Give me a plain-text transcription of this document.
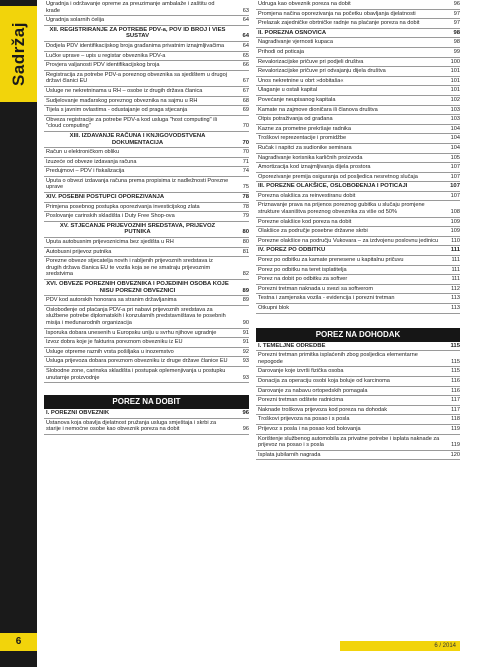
Sadržaj
6
Ugradnja i održavanje opreme za preuzimanje ambalaže i zaštitu od krađe	63
Ugradnja solarnih ćelija	64
XII. REGISTRIRANJE ZA POTREBE PDV-a, POV ID BROJ I VIES SUSTAV	64
Dodjela PDV identifikacijskog broja građanima privatnim iznajmljivačima	64
Lučke uprave – upis u registar obveznika PDV-a	65
Provjera valjanosti PDV identifikacijskog broja	66
Registracija za potrebe PDV-a poreznog obveznika sa sjedištem u drugoj državi članici EU	67
Usluge ne nekretninama u RH – osobe iz drugih država članica	67
Sudjelovanje mađarskog poreznog obveznika na sajmu u RH	68
Tijela s javnim ovlastima - odustajanje od praga stjecanja	69
Obveza registracije za potrebe PDV-a kod usluga "host computing" ili "cloud computing"	70
XIII. IZDAVANJE RAČUNA I KNJIGOVODSTVENA DOKUMENTACIJA	70
Račun u elektroničkom obliku	70
Izuzeće od obveze izdavanja računa	71
Predujmovi – PDV i fiskalizacija	74
Uputa o obvezi izdavanja računa prema propisima iz nadležnosti Porezne uprave	75
XIV. POSEBNI POSTUPCI OPOREZIVANJA	78
Primjena posebnog postupka oporezivanja investicijskog zlata	78
Poslovanje carinskih skladišta i Duty Free Shop-ova	79
XV. STJECANJE PRIJEVOZNIH SREDSTAVA, PRIJEVOZ PUTNIKA	80
Uputa autobusnim prijevoznicima bez sjedišta u RH	80
Autobusni prijevoz putnika	81
Porezne obveze stjecatelja novih i rabljenih prijevoznih sredstava iz drugih država članica EU te vozila koja se ne smatraju prijevoznim sredstvima	82
XVI. OBVEZE POREZNIH OBVEZNIKA I POJEDINIH OSOBA KOJE NISU POREZNI OBVEZNICI	89
PDV kod autorskih honorara sa stranim državljanima	89
Oslobođenje od plaćanja PDV-a pri nabavi prijevoznih sredstava za službene potrebe diplomatskih i konzularnih predstavništava te posebnih misija i međunarodnih organizacija	90
Isporuka dobara unesenih u Europsku uniju u svrhu njihove ugradnje	91
Izvoz dobra koje je fakturira poreznom obvezniku iz EU	91
Usluge otpreme raznih vrsta pošiljaka u inozemstvo	92
Usluga prijevoza dobara poreznom obvezniku iz druge države članice EU	93
Slobodne zone, carinska skladišta i postupak oplemenjivanja u postupku unutarnje proizvodnje	93
POREZ NA DOBIT
I. POREZNI OBVEZNIK	96
Ustanova koja obavlja djelatnost pružanja usluga smještaja i skrbi za starije i nemoćne osobe kao obveznik poreza na dobit	96
Udruga kao obveznik poreza na dobit	96
Promjena načina oporezivanja na početku obavljanja djelatnosti	97
Prelazak zajedničke obrtničke radnje na plaćanje poreza na dobit	97
II. POREZNA OSNOVICA	98
Nagrađivanje vjernosti kupaca	98
Prihodi od poticaja	99
Revalorizacijske pričuve pri podjeli društva	100
Revalorizacijske pričuve pri odvajanju dijela društva	101
Unos nekretnine u obrt »dobitaša«	101
Ulaganje u ostali kapital	101
Povećanje neupisanog kapitala	102
Kamate na zajmove dioničara ili članova društva	103
Otpis potraživanja od građana	103
Kazne za prometne prekršaje radnika	104
Troškovi reprezentacije i promidžbe	104
Ručak i napitci za sudionike seminara	104
Nagrađivanje korisnika karličnih proizvoda	105
Amortizacija kod iznajmljivanja dijela prostora	107
Oporezivanje premija osiguranja od posljedica nesretnog slučaja	107
III. POREZNE OLAKŠICE, OSLOBOĐENJA I POTICAJI	107
Porezna olakšica za reinvestiranu dobit	107
Priznavanje prava na prijenos poreznog gubitka u slučaju promjene strukture vlasništva poreznog obveznika za više od 50%	108
Porezne olakšice kod poreza na dobit	109
Olakšice za područje posebne državne skrbi	109
Porezne olakšice na području Vukovara – za izdvojenu poslovnu jedinicu	110
IV. POREZ PO ODBITKU	111
Porez po odbitku za kamate prenesene u kapitalnu pričuvu	111
Porez po odbitku na teret isplatitelja	111
Porez na dobit po odbitku za softver	111
Porezni tretman naknada u svezi sa softverom	112
Testna i zamjenska vozila - evidencija i porezni tretman	113
Otkupni blok	113
POREZ NA DOHODAK
I. TEMELJNE ODREDBE	115
Porezni tretman primitka isplaćenih zbog posljedica elementarne nepogode	115
Darovanje koje izvrši fizička osoba	115
Donacija za operaciju osobi koja boluje od karcinoma	116
Darovanje za nabavu ortopedskih pomagala	116
Porezni tretman odštete radnicima	117
Naknade troškova prijevoza kod poreza na dohodak	117
Troškovi prijevoza na posao i s posla	118
Prijevoz s posla i na posao kod bolovanja	119
Korištenje službenog automobila za privatne potrebe i isplata naknade za prijevoz na posao i s posla	119
Isplata jubilarnih nagrada	120
6 / 2014
